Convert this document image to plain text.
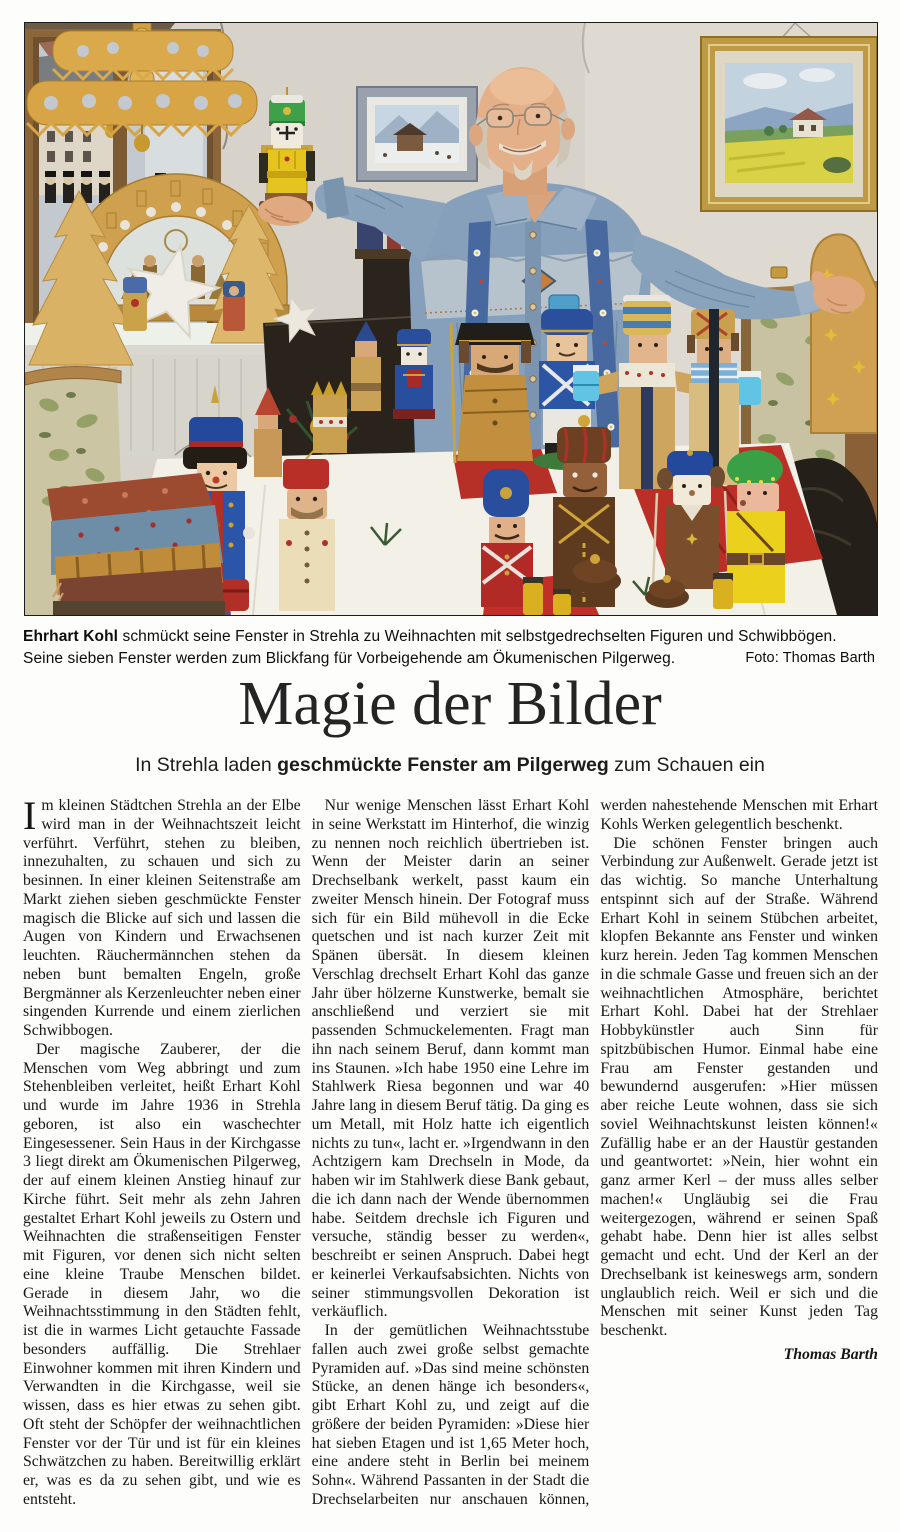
Foto: Thomas Barth
Ehrhart Kohl schmückt seine Fenster in Strehla zu Weihnachten mit selbstgedrechselten Figuren und Schwibbögen. Seine sieben Fenster werden zum Blickfang für Vorbeigehende am Ökumenischen Pilgerweg.
Magie der Bilder

In Strehla laden geschmückte Fenster am Pilgerweg zum Schauen ein

Im kleinen Städtchen Strehla an der Elbe wird man in der Weihnachtszeit leicht verführt. Verführt, stehen zu bleiben, innezuhalten, zu schauen und sich zu besinnen. In einer kleinen Seitenstraße am Markt ziehen sieben geschmückte Fenster magisch die Blicke auf sich und lassen die Augen von Kindern und Erwachsenen leuchten. Räuchermännchen stehen da neben bunt bemalten Engeln, große Bergmänner als Kerzenleuchter neben einer singenden Kurrende und einem zierlichen Schwibbogen.

Der magische Zauberer, der die Menschen vom Weg abbringt und zum Stehenbleiben verleitet, heißt Erhart Kohl und wurde im Jahre 1936 in Strehla geboren, ist also ein waschechter Eingesessener. Sein Haus in der Kirchgasse 3 liegt direkt am Ökumenischen Pilgerweg, der auf einem kleinen Anstieg hinauf zur Kirche führt. Seit mehr als zehn Jahren gestaltet Erhart Kohl jeweils zu Ostern und Weihnachten die straßenseitigen Fenster mit Figuren, vor denen sich nicht selten eine kleine Traube Menschen bildet. Gerade in diesem Jahr, wo die Weihnachtsstimmung in den Städten fehlt, ist die in warmes Licht getauchte Fassade besonders auffällig. Die Strehlaer Einwohner kommen mit ihren Kindern und Verwandten in die Kirchgasse, weil sie wissen, dass es hier etwas zu sehen gibt. Oft steht der Schöpfer der weihnachtlichen Fenster vor der Tür und ist für ein kleines Schwätzchen zu haben. Bereitwillig erklärt er, was es da zu sehen gibt, und wie es entsteht.

Nur wenige Menschen lässt Erhart Kohl in seine Werkstatt im Hinterhof, die winzig zu nennen noch reichlich übertrieben ist. Wenn der Meister darin an seiner Drechselbank werkelt, passt kaum ein zweiter Mensch hinein. Der Fotograf muss sich für ein Bild mühevoll in die Ecke quetschen und ist nach kurzer Zeit mit Spänen übersät. In diesem kleinen Verschlag drechselt Erhart Kohl das ganze Jahr über hölzerne Kunstwerke, bemalt sie anschließend und verziert sie mit passenden Schmuckelementen. Fragt man ihn nach seinem Beruf, dann kommt man ins Staunen. »Ich habe 1950 eine Lehre im Stahlwerk Riesa begonnen und war 40 Jahre lang in diesem Beruf tätig. Da ging es um Metall, mit Holz hatte ich eigentlich nichts zu tun«, lacht er. »Irgendwann in den Achtzigern kam Drechseln in Mode, da haben wir im Stahlwerk diese Bank gebaut, die ich dann nach der Wende übernommen habe. Seitdem drechsle ich Figuren und versuche, ständig besser zu werden«, beschreibt er seinen Anspruch. Dabei hegt er keinerlei Verkaufsabsichten. Nichts von seiner stimmungsvollen Dekoration ist verkäuflich.

In der gemütlichen Weihnachtsstube fallen auch zwei große selbst gemachte Pyramiden auf. »Das sind meine schönsten Stücke, an denen hänge ich besonders«, gibt Erhart Kohl zu, und zeigt auf die größere der beiden Pyramiden: »Diese hier hat sieben Etagen und ist 1,65 Meter hoch, eine andere steht in Berlin bei meinem Sohn«. Während Passanten in der Stadt die Drechselarbeiten nur anschauen können, werden nahestehende Menschen mit Erhart Kohls Werken gelegentlich beschenkt.

Die schönen Fenster bringen auch Verbindung zur Außenwelt. Gerade jetzt ist das wichtig. So manche Unterhaltung entspinnt sich auf der Straße. Während Erhart Kohl in seinem Stübchen arbeitet, klopfen Bekannte ans Fenster und winken kurz herein. Jeden Tag kommen Menschen in die schmale Gasse und freuen sich an der weihnachtlichen Atmosphäre, berichtet Erhart Kohl. Dabei hat der Strehlaer Hobbykünstler auch Sinn für spitzbübischen Humor. Einmal habe eine Frau am Fenster gestanden und bewundernd ausgerufen: »Hier müssen aber reiche Leute wohnen, dass sie sich soviel Weihnachtskunst leisten können!« Zufällig habe er an der Haustür gestanden und geantwortet: »Nein, hier wohnt ein ganz armer Kerl – der muss alles selber machen!« Ungläubig sei die Frau weitergezogen, während er seinen Spaß gehabt habe. Denn hier ist alles selbst gemacht und echt. Und der Kerl an der Drechselbank ist keineswegs arm, sondern unglaublich reich. Weil er sich und die Menschen mit seiner Kunst jeden Tag beschenkt.

Thomas Barth
